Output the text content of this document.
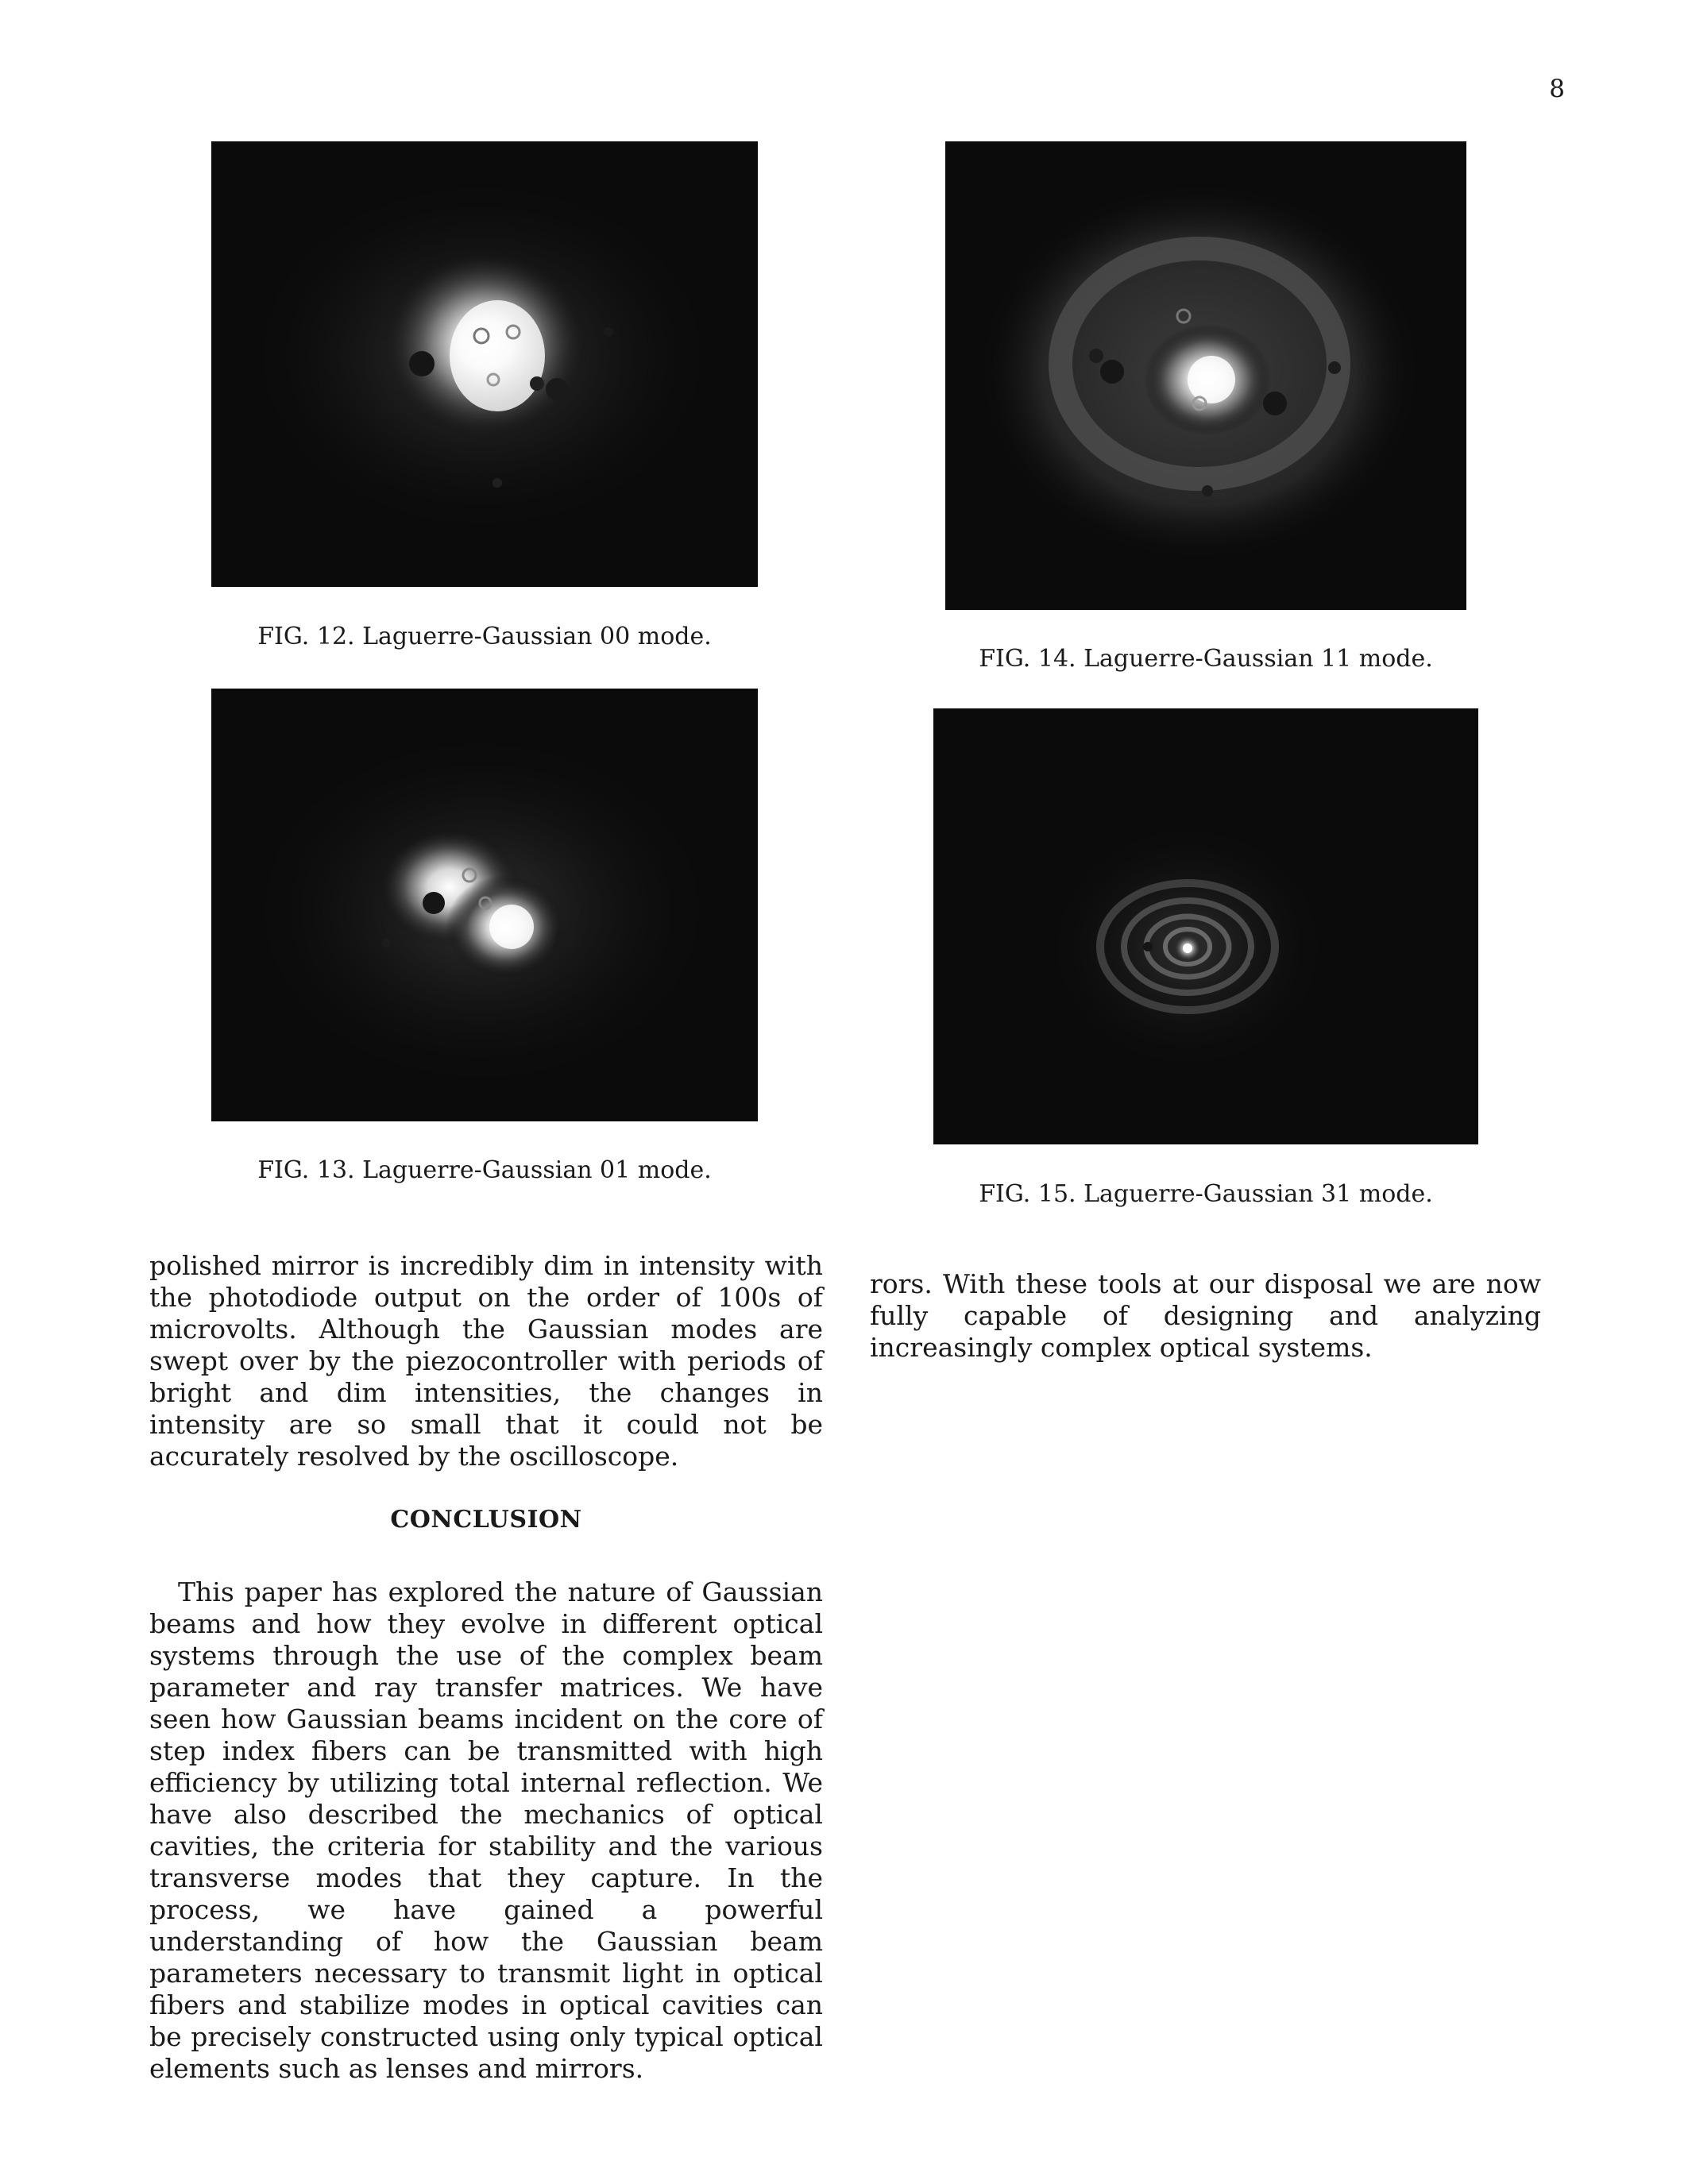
8
FIG. 12. Laguerre-Gaussian 00 mode.
FIG. 13. Laguerre-Gaussian 01 mode.
FIG. 14. Laguerre-Gaussian 11 mode.
FIG. 15. Laguerre-Gaussian 31 mode.

polished mirror is incredibly dim in intensity with the photodiode output on the order of 100s of microvolts. Although the Gaussian modes are swept over by the piezocontroller with periods of bright and dim intensities, the changes in intensity are so small that it could not be accurately resolved by the oscilloscope.

CONCLUSION

This paper has explored the nature of Gaussian beams and how they evolve in different optical systems through the use of the complex beam parameter and ray transfer matrices. We have seen how Gaussian beams incident on the core of step index fibers can be transmitted with high efficiency by utilizing total internal reflection. We have also described the mechanics of optical cavities, the criteria for stability and the various transverse modes that they capture. In the process, we have gained a powerful understanding of how the Gaussian beam parameters necessary to transmit light in optical fibers and stabilize modes in optical cavities can be precisely constructed using only typical optical elements such as lenses and mirrors.

rors. With these tools at our disposal we are now fully capable of designing and analyzing increasingly complex optical systems.
